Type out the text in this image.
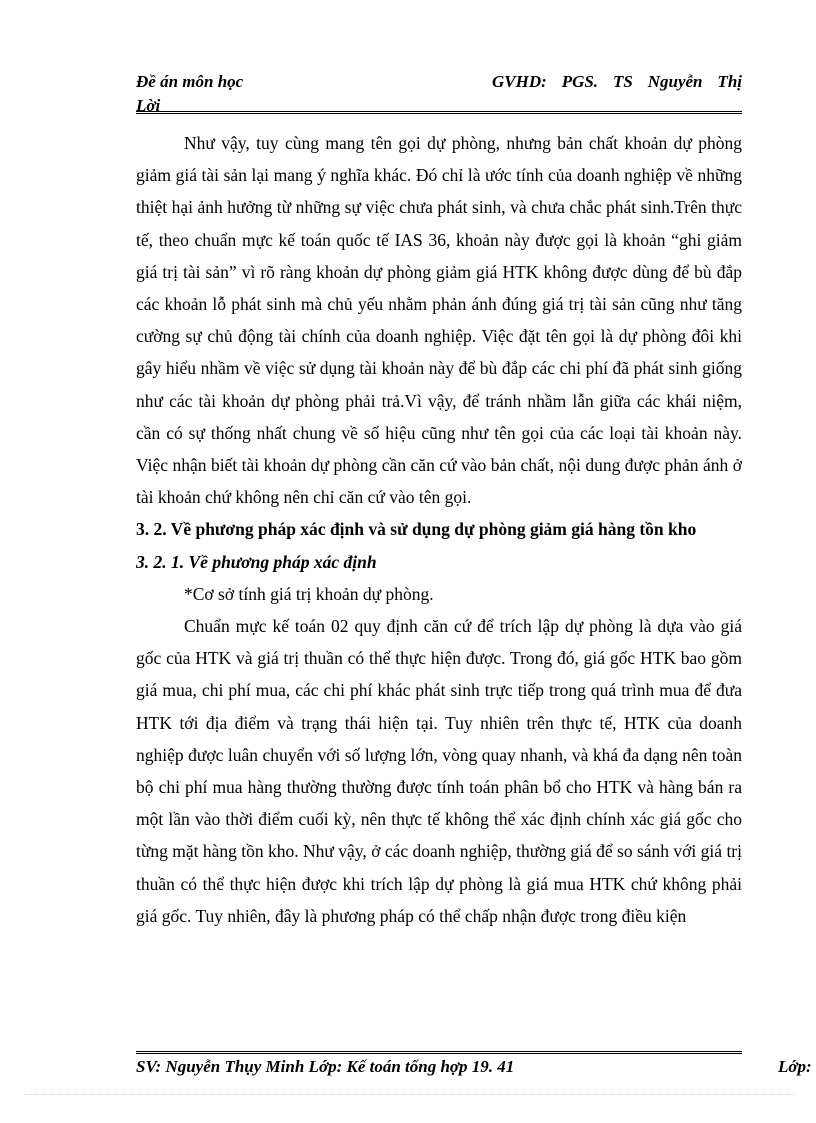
Đề án môn học
Lời
GVHD: PGS. TS Nguyễn Thị

Như vậy, tuy cùng mang tên gọi dự phòng, nhưng bản chất khoản dự phòng giảm giá tài sản lại mang ý nghĩa khác. Đó chỉ là ước tính của doanh nghiệp về những thiệt hại ảnh hưởng từ những sự việc chưa phát sinh, và chưa chắc phát sinh.Trên thực tế, theo chuẩn mực kế toán quốc tế IAS 36, khoản này được gọi là khoản “ghi giảm giá trị tài sản” vì rõ ràng khoản dự phòng giảm giá HTK không được dùng để bù đắp các khoản lỗ phát sinh mà chủ yếu nhằm phản ánh đúng giá trị tài sản cũng như tăng cường sự chủ động tài chính của doanh nghiệp. Việc đặt tên gọi là dự phòng đôi khi gây hiểu nhầm về việc sử dụng tài khoản này để bù đắp các chi phí đã phát sinh giống như các tài khoản dự phòng phải trả.Vì vậy, để tránh nhầm lẫn giữa các khái niệm, cần có sự thống nhất chung về số hiệu cũng như tên gọi của các loại tài khoản này. Việc nhận biết tài khoản dự phòng cần căn cứ vào bản chất, nội dung được phản ánh ở tài khoản chứ không nên chỉ căn cứ vào tên gọi.

3. 2. Về phương pháp xác định và sử dụng dự phòng giảm giá hàng tồn kho

3. 2. 1. Về phương pháp xác định

*Cơ sở tính giá trị khoản dự phòng.

Chuẩn mực kế toán 02 quy định căn cứ để trích lập dự phòng là dựa vào giá gốc của HTK và giá trị thuần có thể thực hiện được. Trong đó, giá gốc HTK bao gồm giá mua, chi phí mua, các chi phí khác phát sinh trực tiếp trong quá trình mua để đưa HTK tới địa điểm và trạng thái hiện tại. Tuy nhiên trên thực tế, HTK của doanh nghiệp được luân chuyển với số lượng lớn, vòng quay nhanh, và khá đa dạng nên toàn bộ chi phí mua hàng thường thường được tính toán phân bổ cho HTK và hàng bán ra một lần vào thời điểm cuối kỳ, nên thực tế không thể xác định chính xác giá gốc cho từng mặt hàng tồn kho. Như vậy, ở các doanh nghiệp, thường giá để so sánh với giá trị thuần có thể thực hiện được khi trích lập dự phòng là giá mua HTK chứ không phải giá gốc. Tuy nhiên, đây là phương pháp có thể chấp nhận được trong điều kiện

SV: Nguyễn Thụy Minh Lớp: Kế toán tổng hợp 19. 41	Lớp:
